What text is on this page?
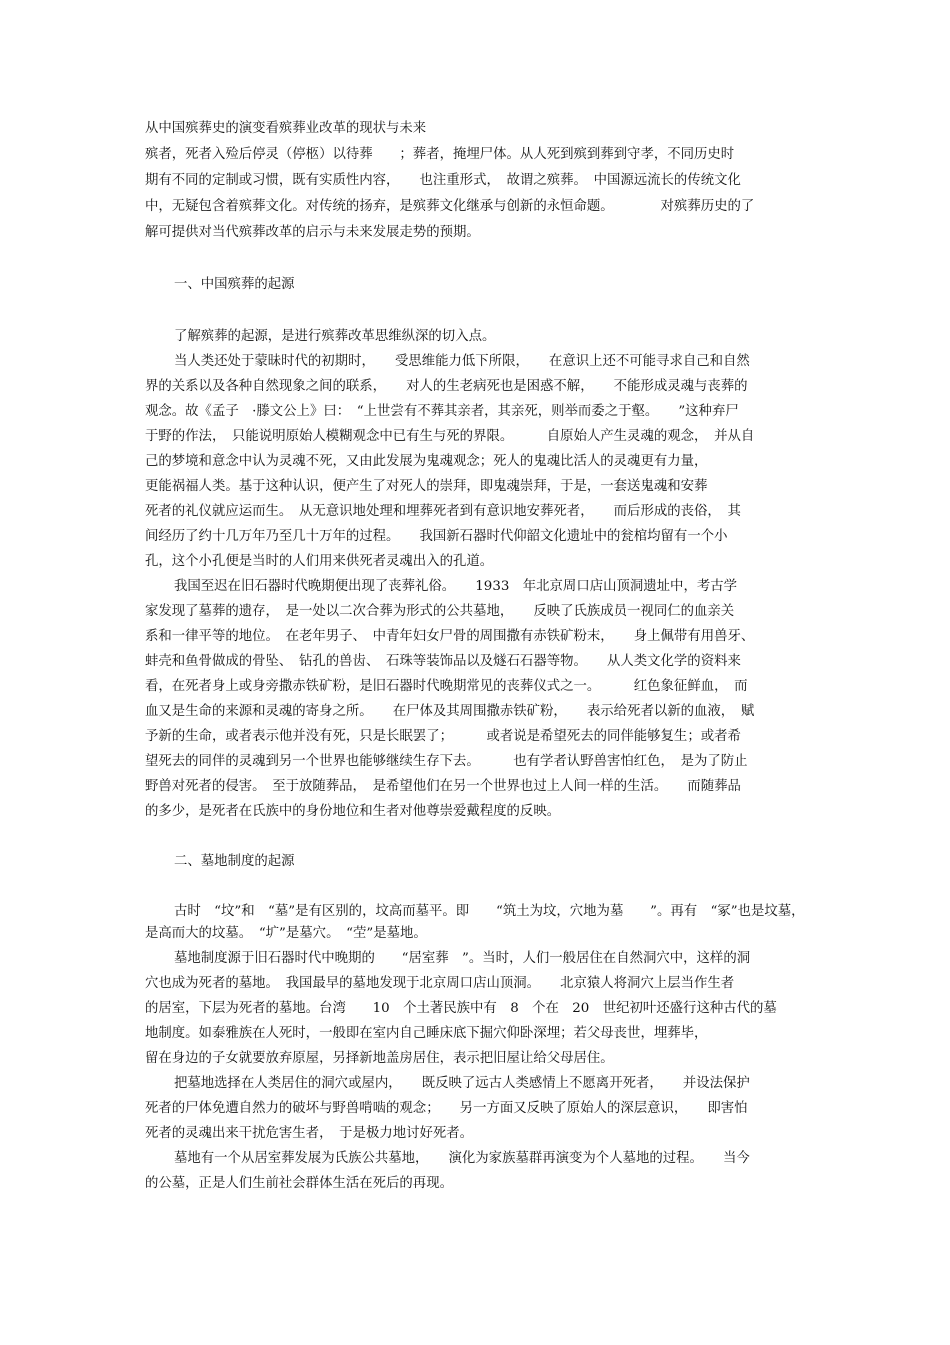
从中国殡葬史的演变看殡葬业改革的现状与未来
殡者，死者入殓后停灵（停柩）以待葬　　；葬者，掩埋尸体。从人死到殡到葬到守孝，不同历史时
期有不同的定制或习惯，既有实质性内容，　　也注重形式，　故谓之殡葬。　中国源远流长的传统文化
中，无疑包含着殡葬文化。对传统的扬弃，是殡葬文化继承与创新的永恒命题。　　　　对殡葬历史的了
解可提供对当代殡葬改革的启示与未来发展走势的预期。
一、中国殡葬的起源
了解殡葬的起源，是进行殡葬改革思维纵深的切入点。
当人类还处于蒙昧时代的初期时，　　受思维能力低下所限，　　在意识上还不可能寻求自己和自然
界的关系以及各种自然现象之间的联系，　　对人的生老病死也是困惑不解，　　不能形成灵魂与丧葬的
观念。故《孟子　·滕文公上》曰：　“上世尝有不葬其亲者，其亲死，则举而委之于壑。　　”这种弃尸
于野的作法，　只能说明原始人模糊观念中已有生与死的界限。　　　自原始人产生灵魂的观念，　并从自
己的梦境和意念中认为灵魂不死，又由此发展为鬼魂观念；死人的鬼魂比活人的灵魂更有力量，
更能祸福人类。基于这种认识，便产生了对死人的崇拜，即鬼魂崇拜，于是，一套送鬼魂和安葬
死者的礼仪就应运而生。　从无意识地处理和埋葬死者到有意识地安葬死者，　　而后形成的丧俗，　其
间经历了约十几万年乃至几十万年的过程。　　我国新石器时代仰韶文化遗址中的瓮棺均留有一个小
孔，这个小孔便是当时的人们用来供死者灵魂出入的孔道。
我国至迟在旧石器时代晚期便出现了丧葬礼俗。　　1933　年北京周口店山顶洞遗址中，考古学
家发现了墓葬的遗存，　是一处以二次合葬为形式的公共墓地，　　反映了氏族成员一视同仁的血亲关
系和一律平等的地位。　在老年男子、　中青年妇女尸骨的周围撒有赤铁矿粉末，　　身上佩带有用兽牙、
蚌壳和鱼骨做成的骨坠、　钻孔的兽齿、　石珠等装饰品以及燧石石器等物。　　从人类文化学的资料来
看，在死者身上或身旁撒赤铁矿粉，是旧石器时代晚期常见的丧葬仪式之一。　　　红色象征鲜血，　而
血又是生命的来源和灵魂的寄身之所。　　在尸体及其周围撒赤铁矿粉，　　表示给死者以新的血液，　赋
予新的生命，或者表示他并没有死，只是长眠罢了；　　　或者说是希望死去的同伴能够复生；或者希
望死去的同伴的灵魂到另一个世界也能够继续生存下去。　　　也有学者认野兽害怕红色，　是为了防止
野兽对死者的侵害。　至于放随葬品，　是希望他们在另一个世界也过上人间一样的生活。　　而随葬品
的多少，是死者在氏族中的身份地位和生者对他尊崇爱戴程度的反映。
二、墓地制度的起源
古时　“坟”和　“墓”是有区别的，坟高而墓平。即　　“筑土为坟，穴地为墓　　”。再有　“冢”也是坟墓，
是高而大的坟墓。　“圹”是墓穴。　“茔”是墓地。
墓地制度源于旧石器时代中晚期的　　“居室葬　”。当时，人们一般居住在自然洞穴中，这样的洞
穴也成为死者的墓地。　我国最早的墓地发现于北京周口店山顶洞。　　北京猿人将洞穴上层当作生者
的居室，下层为死者的墓地。台湾　　10　个土著民族中有　8　个在　20　世纪初叶还盛行这种古代的墓
地制度。如泰雅族在人死时，一般即在室内自己睡床底下掘穴仰卧深埋；若父母丧世，埋葬毕，
留在身边的子女就要放弃原屋，另择新地盖房居住，表示把旧屋让给父母居住。
把墓地选择在人类居住的洞穴或屋内，　　既反映了远古人类感情上不愿离开死者，　　并设法保护
死者的尸体免遭自然力的破坏与野兽啃啮的观念；　　另一方面又反映了原始人的深层意识，　　即害怕
死者的灵魂出来干扰危害生者，　于是极力地讨好死者。
墓地有一个从居室葬发展为氏族公共墓地，　　演化为家族墓群再演变为个人墓地的过程。　　当今
的公墓，正是人们生前社会群体生活在死后的再现。
